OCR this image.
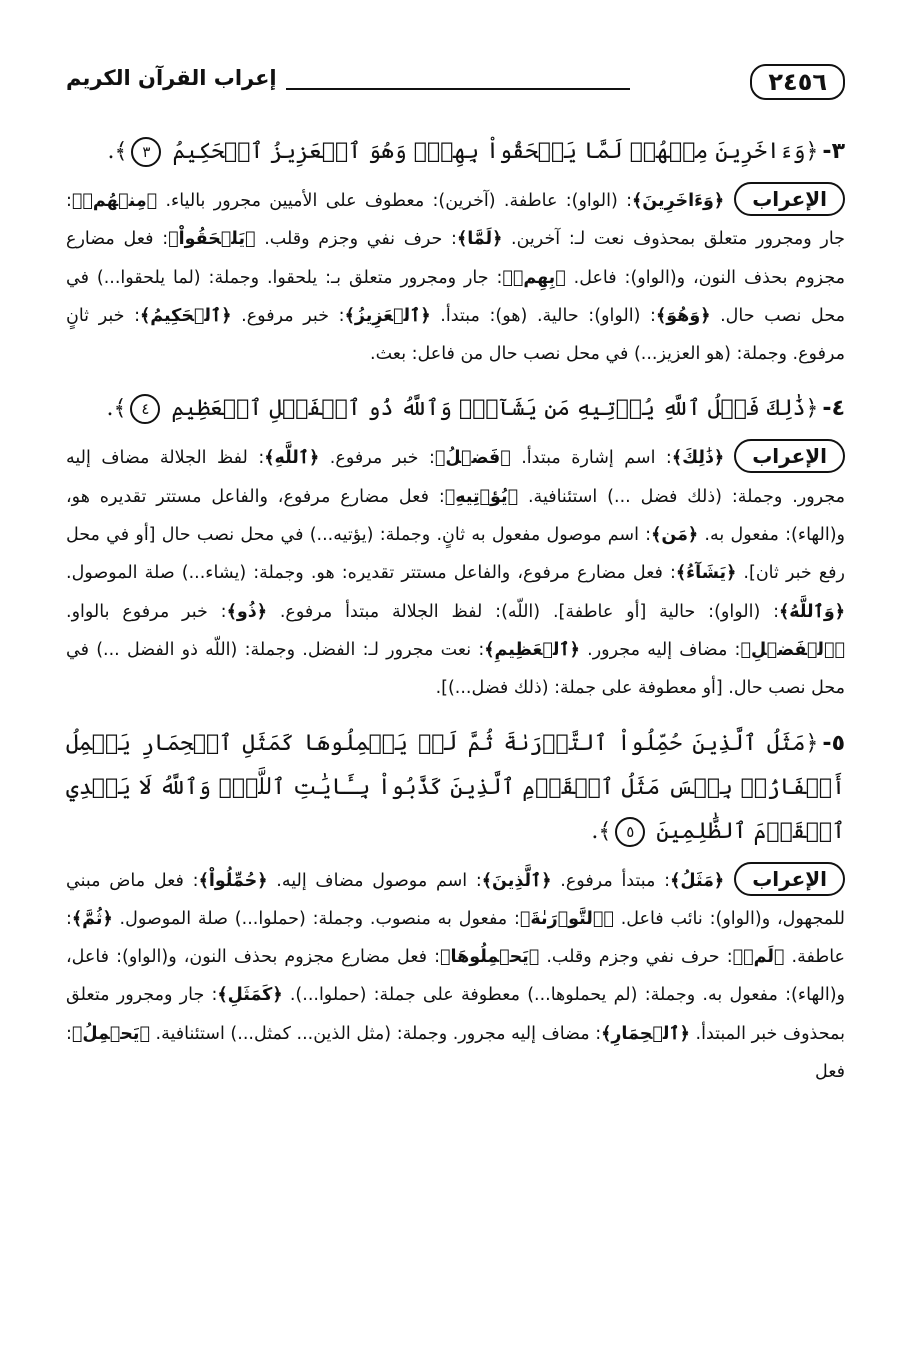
٢٤٥٦
إعراب القرآن الكريم

٣-﴿وَءَاخَرِينَ مِنۡهُمۡ لَمَّا يَلۡحَقُواْ بِهِمۡۚ وَهُوَ ٱلۡعَزِيزُ ٱلۡحَكِيمُ ٣﴾.

الإعراب﴿وَءَاخَرِينَ﴾: (الواو): عاطفة. (آخرين): معطوف على الأميين مجرور بالياء. ﴿مِنۡهُمۡ﴾: جار ومجرور متعلق بمحذوف نعت لـ: آخرين. ﴿لَمَّا﴾: حرف نفي وجزم وقلب. ﴿يَلۡحَقُواْ﴾: فعل مضارع مجزوم بحذف النون، و(الواو): فاعل. ﴿بِهِمۡ﴾: جار ومجرور متعلق بـ: يلحقوا. وجملة: (لما يلحقوا...) في محل نصب حال. ﴿وَهُوَ﴾: (الواو): حالية. (هو): مبتدأ. ﴿ٱلۡعَزِيزُ﴾: خبر مرفوع. ﴿ٱلۡحَكِيمُ﴾: خبر ثانٍ مرفوع. وجملة: (هو العزيز...) في محل نصب حال من فاعل: بعث.

٤-﴿ذَٰلِكَ فَضۡلُ ٱللَّهِ يُؤۡتِيهِ مَن يَشَآءُۚ وَٱللَّهُ ذُو ٱلۡفَضۡلِ ٱلۡعَظِيمِ ٤﴾.

الإعراب﴿ذَٰلِكَ﴾: اسم إشارة مبتدأ. ﴿فَضۡلُ﴾: خبر مرفوع. ﴿ٱللَّهِ﴾: لفظ الجلالة مضاف إليه مجرور. وجملة: (ذلك فضل ...) استئنافية. ﴿يُؤۡتِيهِ﴾: فعل مضارع مرفوع، والفاعل مستتر تقديره هو، و(الهاء): مفعول به. ﴿مَن﴾: اسم موصول مفعول به ثانٍ. وجملة: (يؤتيه...) في محل نصب حال [أو في محل رفع خبر ثان]. ﴿يَشَآءُ﴾: فعل مضارع مرفوع، والفاعل مستتر تقديره: هو. وجملة: (يشاء...) صلة الموصول. ﴿وَٱللَّهُ﴾: (الواو): حالية [أو عاطفة]. (اللّه): لفظ الجلالة مبتدأ مرفوع. ﴿ذُو﴾: خبر مرفوع بالواو. ﴿ٱلۡفَضۡلِ﴾: مضاف إليه مجرور. ﴿ٱلۡعَظِيمِ﴾: نعت مجرور لـ: الفضل. وجملة: (اللّه ذو الفضل ...) في محل نصب حال. [أو معطوفة على جملة: (ذلك فضل...)].

٥-﴿مَثَلُ ٱلَّذِينَ حُمِّلُواْ ٱلتَّوۡرَىٰةَ ثُمَّ لَمۡ يَحۡمِلُوهَا كَمَثَلِ ٱلۡحِمَارِ يَحۡمِلُ أَسۡفَارَۢاۚ بِئۡسَ مَثَلُ ٱلۡقَوۡمِ ٱلَّذِينَ كَذَّبُواْ بِـَٔايَٰتِ ٱللَّهِۚ وَٱللَّهُ لَا يَهۡدِي ٱلۡقَوۡمَ ٱلظَّٰلِمِينَ ٥﴾.

الإعراب﴿مَثَلُ﴾: مبتدأ مرفوع. ﴿ٱلَّذِينَ﴾: اسم موصول مضاف إليه. ﴿حُمِّلُواْ﴾: فعل ماض مبني للمجهول، و(الواو): نائب فاعل. ﴿ٱلتَّوۡرَىٰةَ﴾: مفعول به منصوب. وجملة: (حملوا...) صلة الموصول. ﴿ثُمَّ﴾: عاطفة. ﴿لَمۡ﴾: حرف نفي وجزم وقلب. ﴿يَحۡمِلُوهَا﴾: فعل مضارع مجزوم بحذف النون، و(الواو): فاعل، و(الهاء): مفعول به. وجملة: (لم يحملوها...) معطوفة على جملة: (حملوا...). ﴿كَمَثَلِ﴾: جار ومجرور متعلق بمحذوف خبر المبتدأ. ﴿ٱلۡحِمَارِ﴾: مضاف إليه مجرور. وجملة: (مثل الذين... كمثل...) استئنافية. ﴿يَحۡمِلُ﴾: فعل
